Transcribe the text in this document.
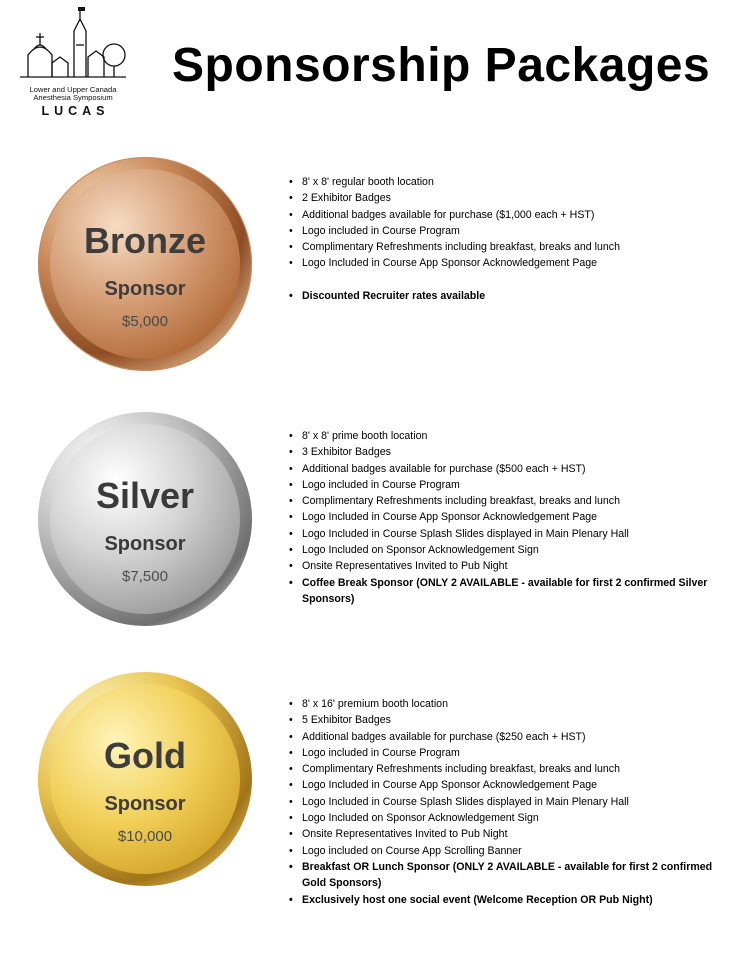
Lower and Upper Canada
Anesthesia Symposium
LUCAS
Sponsorship Packages
Bronze
Sponsor
$5,000
• 8' x 8' regular booth location
• 2 Exhibitor Badges
• Additional badges available for purchase ($1,000 each + HST)
• Logo included in Course Program
• Complimentary Refreshments including breakfast, breaks and lunch
• Logo Included in Course App Sponsor Acknowledgement Page
• Discounted Recruiter rates available
Silver
Sponsor
$7,500
• 8' x 8' prime booth location
• 3 Exhibitor Badges
• Additional badges available for purchase ($500 each + HST)
• Logo included in Course Program
• Complimentary Refreshments including breakfast, breaks and lunch
• Logo Included in Course App Sponsor Acknowledgement Page
• Logo Included in Course Splash Slides displayed in Main Plenary Hall
• Logo Included on Sponsor Acknowledgement Sign
• Onsite Representatives Invited to Pub Night
• Coffee Break Sponsor (ONLY 2 AVAILABLE - available for first 2 confirmed Silver Sponsors)
Gold
Sponsor
$10,000
• 8' x 16' premium booth location
• 5 Exhibitor Badges
• Additional badges available for purchase ($250 each + HST)
• Logo included in Course Program
• Complimentary Refreshments including breakfast, breaks and lunch
• Logo Included in Course App Sponsor Acknowledgement Page
• Logo Included in Course Splash Slides displayed in Main Plenary Hall
• Logo Included on Sponsor Acknowledgement Sign
• Onsite Representatives Invited to Pub Night
• Logo included on Course App Scrolling Banner
• Breakfast OR Lunch Sponsor (ONLY 2 AVAILABLE - available for first 2 confirmed Gold Sponsors)
• Exclusively host one social event (Welcome Reception OR Pub Night)
